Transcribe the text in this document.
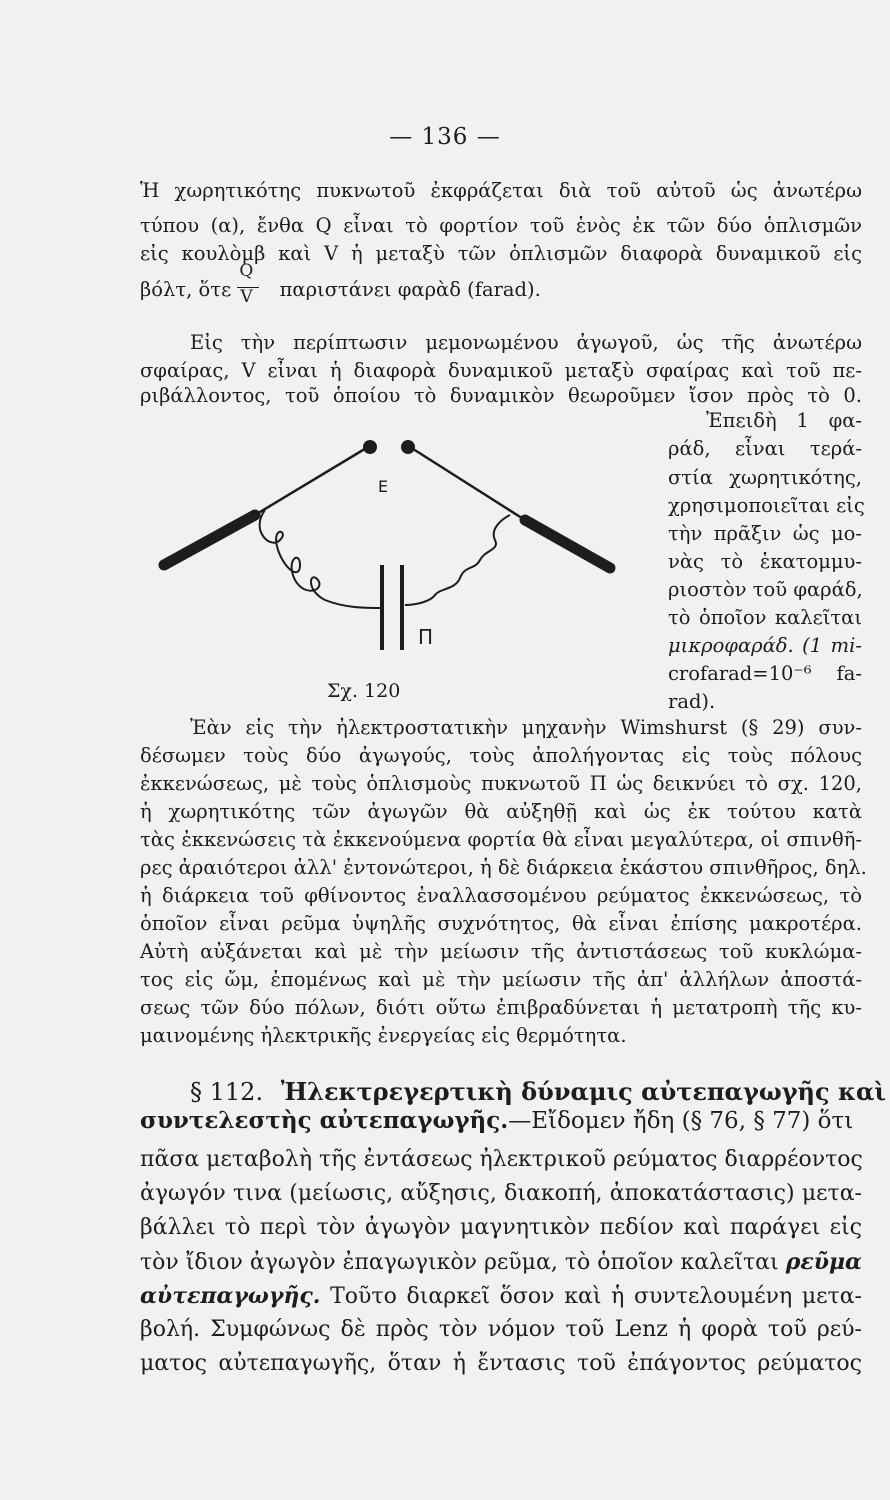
— 136 —
Ἡ χωρητικότης πυκνωτοῦ ἐκφράζεται διὰ τοῦ αὐτοῦ ὡς ἀνωτέρω
τύπου (α), ἔνθα Q εἶναι τὸ φορτίον τοῦ ἑνὸς ἐκ τῶν δύο ὁπλισμῶν
εἰς κουλὸμβ καὶ V ἡ μεταξὺ τῶν ὁπλισμῶν διαφορὰ δυναμικοῦ εἰς
βόλτ, ὅτε $\frac{Q}{V}$ παριστάνει φαρὰδ (farad).
Εἰς τὴν περίπτωσιν μεμονωμένου ἀγωγοῦ, ὡς τῆς ἀνωτέρω
σφαίρας, V εἶναι ἡ διαφορὰ δυναμικοῦ μεταξὺ σφαίρας καὶ τοῦ πε-
ριβάλλοντος, τοῦ ὁποίου τὸ δυναμικὸν θεωροῦμεν ἴσον πρὸς τὸ 0.
Ἐπειδὴ 1 φα-
ράδ, εἶναι τερά-
στία χωρητικότης,
χρησιμοποιεῖται εἰς
τὴν πρᾶξιν ὡς μο-
νὰς τὸ ἑκατομμυ-
ριοστὸν τοῦ φαράδ,
τὸ ὁποῖον καλεῖται
μικροφαράδ. (1 mi-
crofarad=10⁻⁶ fa-
rad).
Ε
Π
Σχ. 120
Ἐὰν εἰς τὴν ἠλεκτροστατικὴν μηχανὴν Wimshurst (§ 29) συν-
δέσωμεν τοὺς δύο ἀγωγούς, τοὺς ἀπολήγοντας εἰς τοὺς πόλους
ἐκκενώσεως, μὲ τοὺς ὁπλισμοὺς πυκνωτοῦ Π ὡς δεικνύει τὸ σχ. 120,
ἡ χωρητικότης τῶν ἀγωγῶν θὰ αὐξηθῇ καὶ ὡς ἐκ τούτου κατὰ
τὰς ἐκκενώσεις τὰ ἐκκενούμενα φορτία θὰ εἶναι μεγαλύτερα, οἱ σπινθῆ-
ρες ἀραιότεροι ἀλλ' ἐντονώτεροι, ἡ δὲ διάρκεια ἑκάστου σπινθῆρος, δηλ.
ἡ διάρκεια τοῦ φθίνοντος ἐναλλασσομένου ρεύματος ἐκκενώσεως, τὸ
ὁποῖον εἶναι ρεῦμα ὑψηλῆς συχνότητος, θὰ εἶναι ἐπίσης μακροτέρα.
Αὐτὴ αὐξάνεται καὶ μὲ τὴν μείωσιν τῆς ἀντιστάσεως τοῦ κυκλώμα-
τος εἰς ὤμ, ἐπομένως καὶ μὲ τὴν μείωσιν τῆς ἀπ' ἀλλήλων ἀποστά-
σεως τῶν δύο πόλων, διότι οὕτω ἐπιβραδύνεται ἡ μετατροπὴ τῆς κυ-
μαινομένης ἠλεκτρικῆς ἐνεργείας εἰς θερμότητα.
§ 112. Ἠλεκτρεγερτικὴ δύναμις αὐτεπαγωγῆς καὶ
συντελεστὴς αὐτεπαγωγῆς.—Εἴδομεν ἤδη (§ 76, § 77) ὅτι
πᾶσα μεταβολὴ τῆς ἐντάσεως ἠλεκτρικοῦ ρεύματος διαρρέοντος
ἀγωγόν τινα (μείωσις, αὔξησις, διακοπή, ἀποκατάστασις) μετα-
βάλλει τὸ περὶ τὸν ἀγωγὸν μαγνητικὸν πεδίον καὶ παράγει εἰς
τὸν ἴδιον ἀγωγὸν ἐπαγωγικὸν ρεῦμα, τὸ ὁποῖον καλεῖται ρεῦμα
αὐτεπαγωγῆς. Τοῦτο διαρκεῖ ὅσον καὶ ἡ συντελουμένη μετα-
βολή. Συμφώνως δὲ πρὸς τὸν νόμον τοῦ Lenz ἡ φορὰ τοῦ ρεύ-
ματος αὐτεπαγωγῆς, ὅταν ἡ ἔντασις τοῦ ἐπάγοντος ρεύματος
